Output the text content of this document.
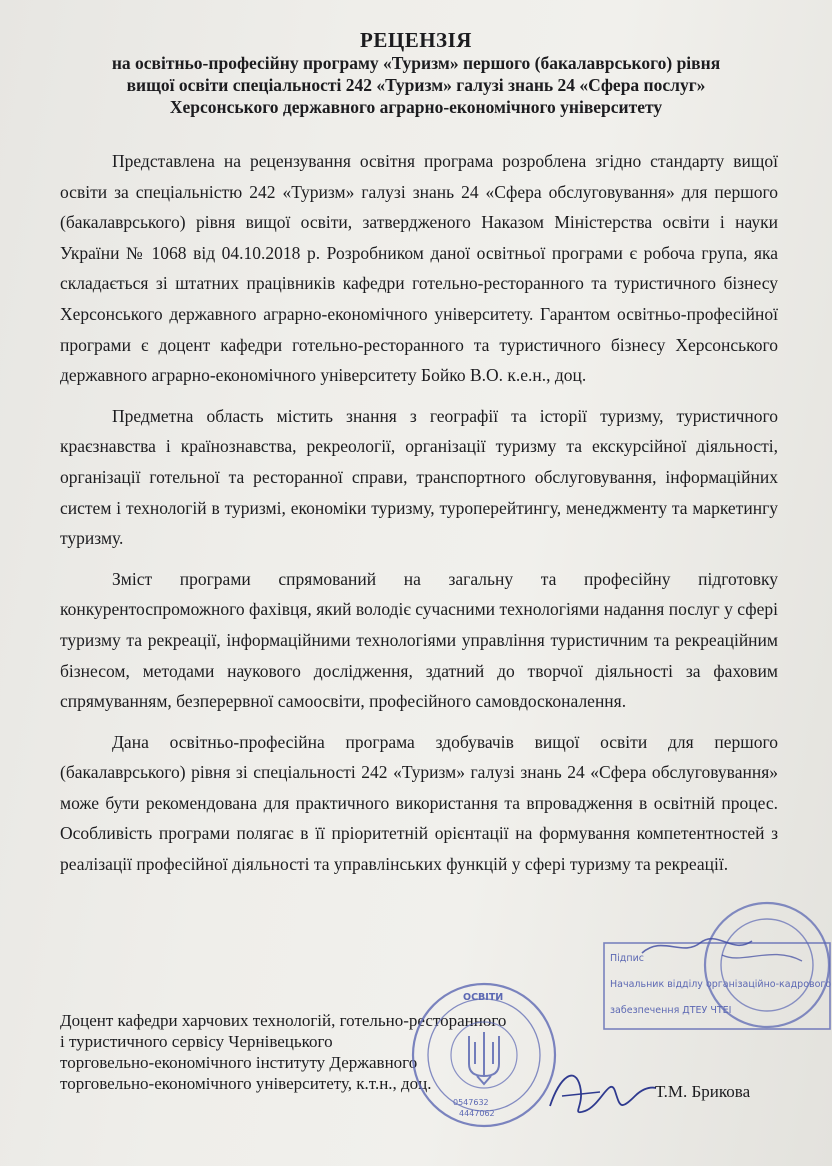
РЕЦЕНЗІЯ
на освітньо-професійну програму «Туризм» першого (бакалаврського) рівня
вищої освіти спеціальності 242 «Туризм» галузі знань 24 «Сфера послуг»
Херсонського державного аграрно-економічного університету

Представлена на рецензування освітня програма розроблена згідно стандарту вищої освіти за спеціальністю 242 «Туризм» галузі знань 24 «Сфера обслуговування» для першого (бакалаврського) рівня вищої освіти, затвердженого Наказом Міністерства освіти і науки України № 1068 від 04.10.2018 р. Розробником даної освітньої програми є робоча група, яка складається зі штатних працівників кафедри готельно-ресторанного та туристичного бізнесу Херсонського державного аграрно-економічного університету. Гарантом освітньо-професійної програми є доцент кафедри готельно-ресторанного та туристичного бізнесу Херсонського державного аграрно-економічного університету Бойко В.О. к.е.н., доц.

Предметна область містить знання з географії та історії туризму, туристичного краєзнавства і країнознавства, рекреології, організації туризму та екскурсійної діяльності, організації готельної та ресторанної справи, транспортного обслуговування, інформаційних систем і технологій в туризмі, економіки туризму, туроперейтингу, менеджменту та маркетингу туризму.

Зміст програми спрямований на загальну та професійну підготовку конкурентоспроможного фахівця, який володіє сучасними технологіями надання послуг у сфері туризму та рекреації, інформаційними технологіями управління туристичним та рекреаційним бізнесом, методами наукового дослідження, здатний до творчої діяльності за фаховим спрямуванням, безперервної самоосвіти, професійного самовдосконалення.

Дана освітньо-професійна програма здобувачів вищої освіти для першого (бакалаврського) рівня зі спеціальності 242 «Туризм» галузі знань 24 «Сфера обслуговування» може бути рекомендована для практичного використання та впровадження в освітній процес. Особливість програми полягає в її пріоритетній орієнтації на формування компетентностей з реалізації професійної діяльності та управлінських функцій у сфері туризму та рекреації.

Підпис
Начальник відділу організаційно-кадрового
забезпечення ДТЕУ ЧТЕІ
Доцент кафедри харчових технологій, готельно-ресторанного
і туристичного сервісу Чернівецького
торговельно-економічного інституту Державного
торговельно-економічного університету, к.т.н., доц.
ОСВІТИ
0547632
4447062
Т.М. Брикова
